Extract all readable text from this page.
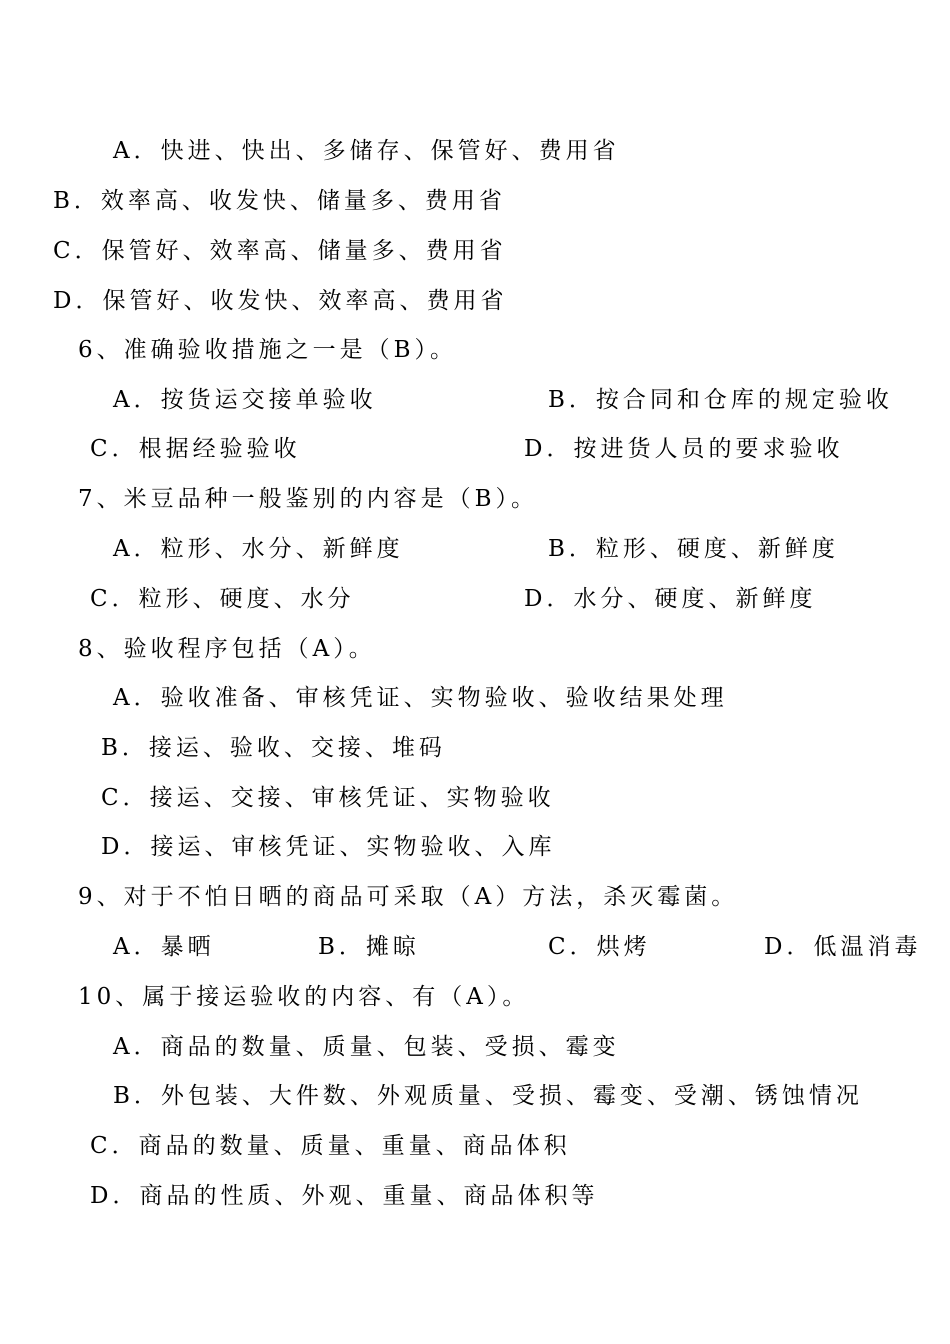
A．快进、快出、多储存、保管好、费用省
B．效率高、收发快、储量多、费用省
C．保管好、效率高、储量多、费用省
D．保管好、收发快、效率高、费用省
6、准确验收措施之一是（B）。
A．按货运交接单验收	B．按合同和仓库的规定验收
C．根据经验验收	D．按进货人员的要求验收
7、米豆品种一般鉴别的内容是（B）。
A．粒形、水分、新鲜度	B．粒形、硬度、新鲜度
C．粒形、硬度、水分	D．水分、硬度、新鲜度
8、验收程序包括（A）。
A．验收准备、审核凭证、实物验收、验收结果处理
B．接运、验收、交接、堆码
C．接运、交接、审核凭证、实物验收
D．接运、审核凭证、实物验收、入库
9、对于不怕日晒的商品可采取（A）方法，杀灭霉菌。
A．暴晒	B．摊晾	C．烘烤	D．低温消毒
10、属于接运验收的内容、有（A）。
A．商品的数量、质量、包装、受损、霉变
B．外包装、大件数、外观质量、受损、霉变、受潮、锈蚀情况
C．商品的数量、质量、重量、商品体积
D．商品的性质、外观、重量、商品体积等
